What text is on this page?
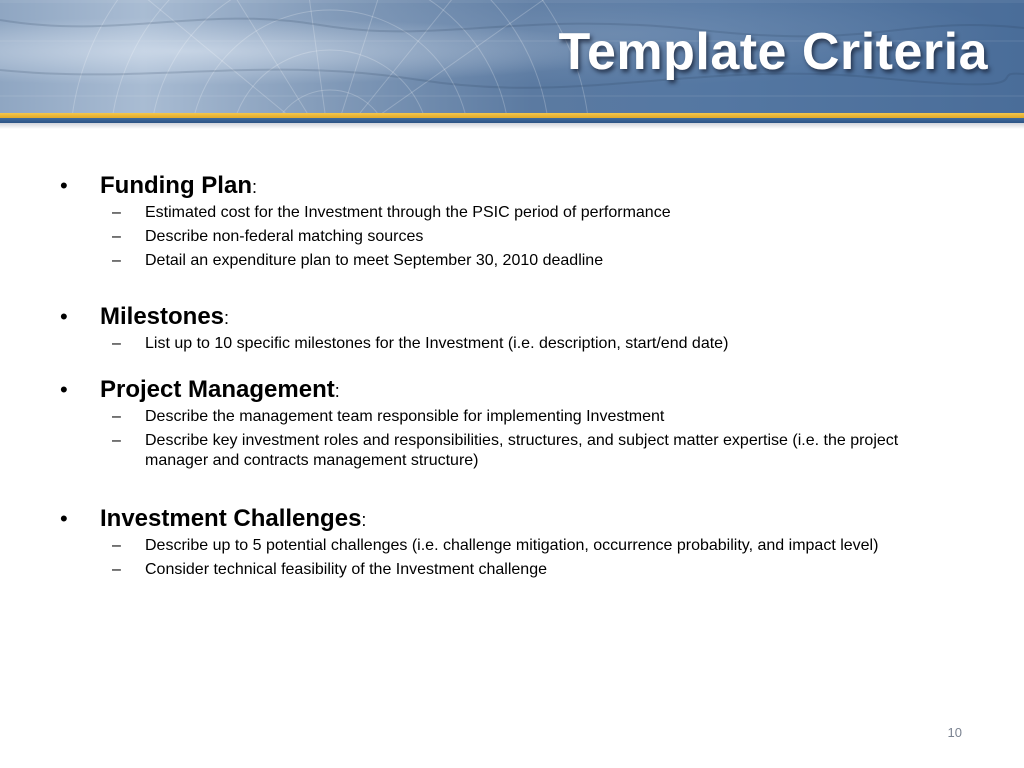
Template Criteria
• Funding Plan:
– Estimated cost for the Investment through the PSIC period of performance
– Describe non-federal matching sources
– Detail an expenditure plan to meet September 30, 2010 deadline
• Milestones:
– List up to 10 specific milestones for the Investment (i.e. description, start/end date)
• Project Management:
– Describe the management team responsible for implementing Investment
– Describe key investment roles and responsibilities, structures, and subject matter expertise (i.e. the project manager and contracts management structure)
• Investment Challenges:
– Describe up to 5 potential challenges (i.e. challenge mitigation, occurrence probability, and impact level)
– Consider technical feasibility of the Investment challenge
10
